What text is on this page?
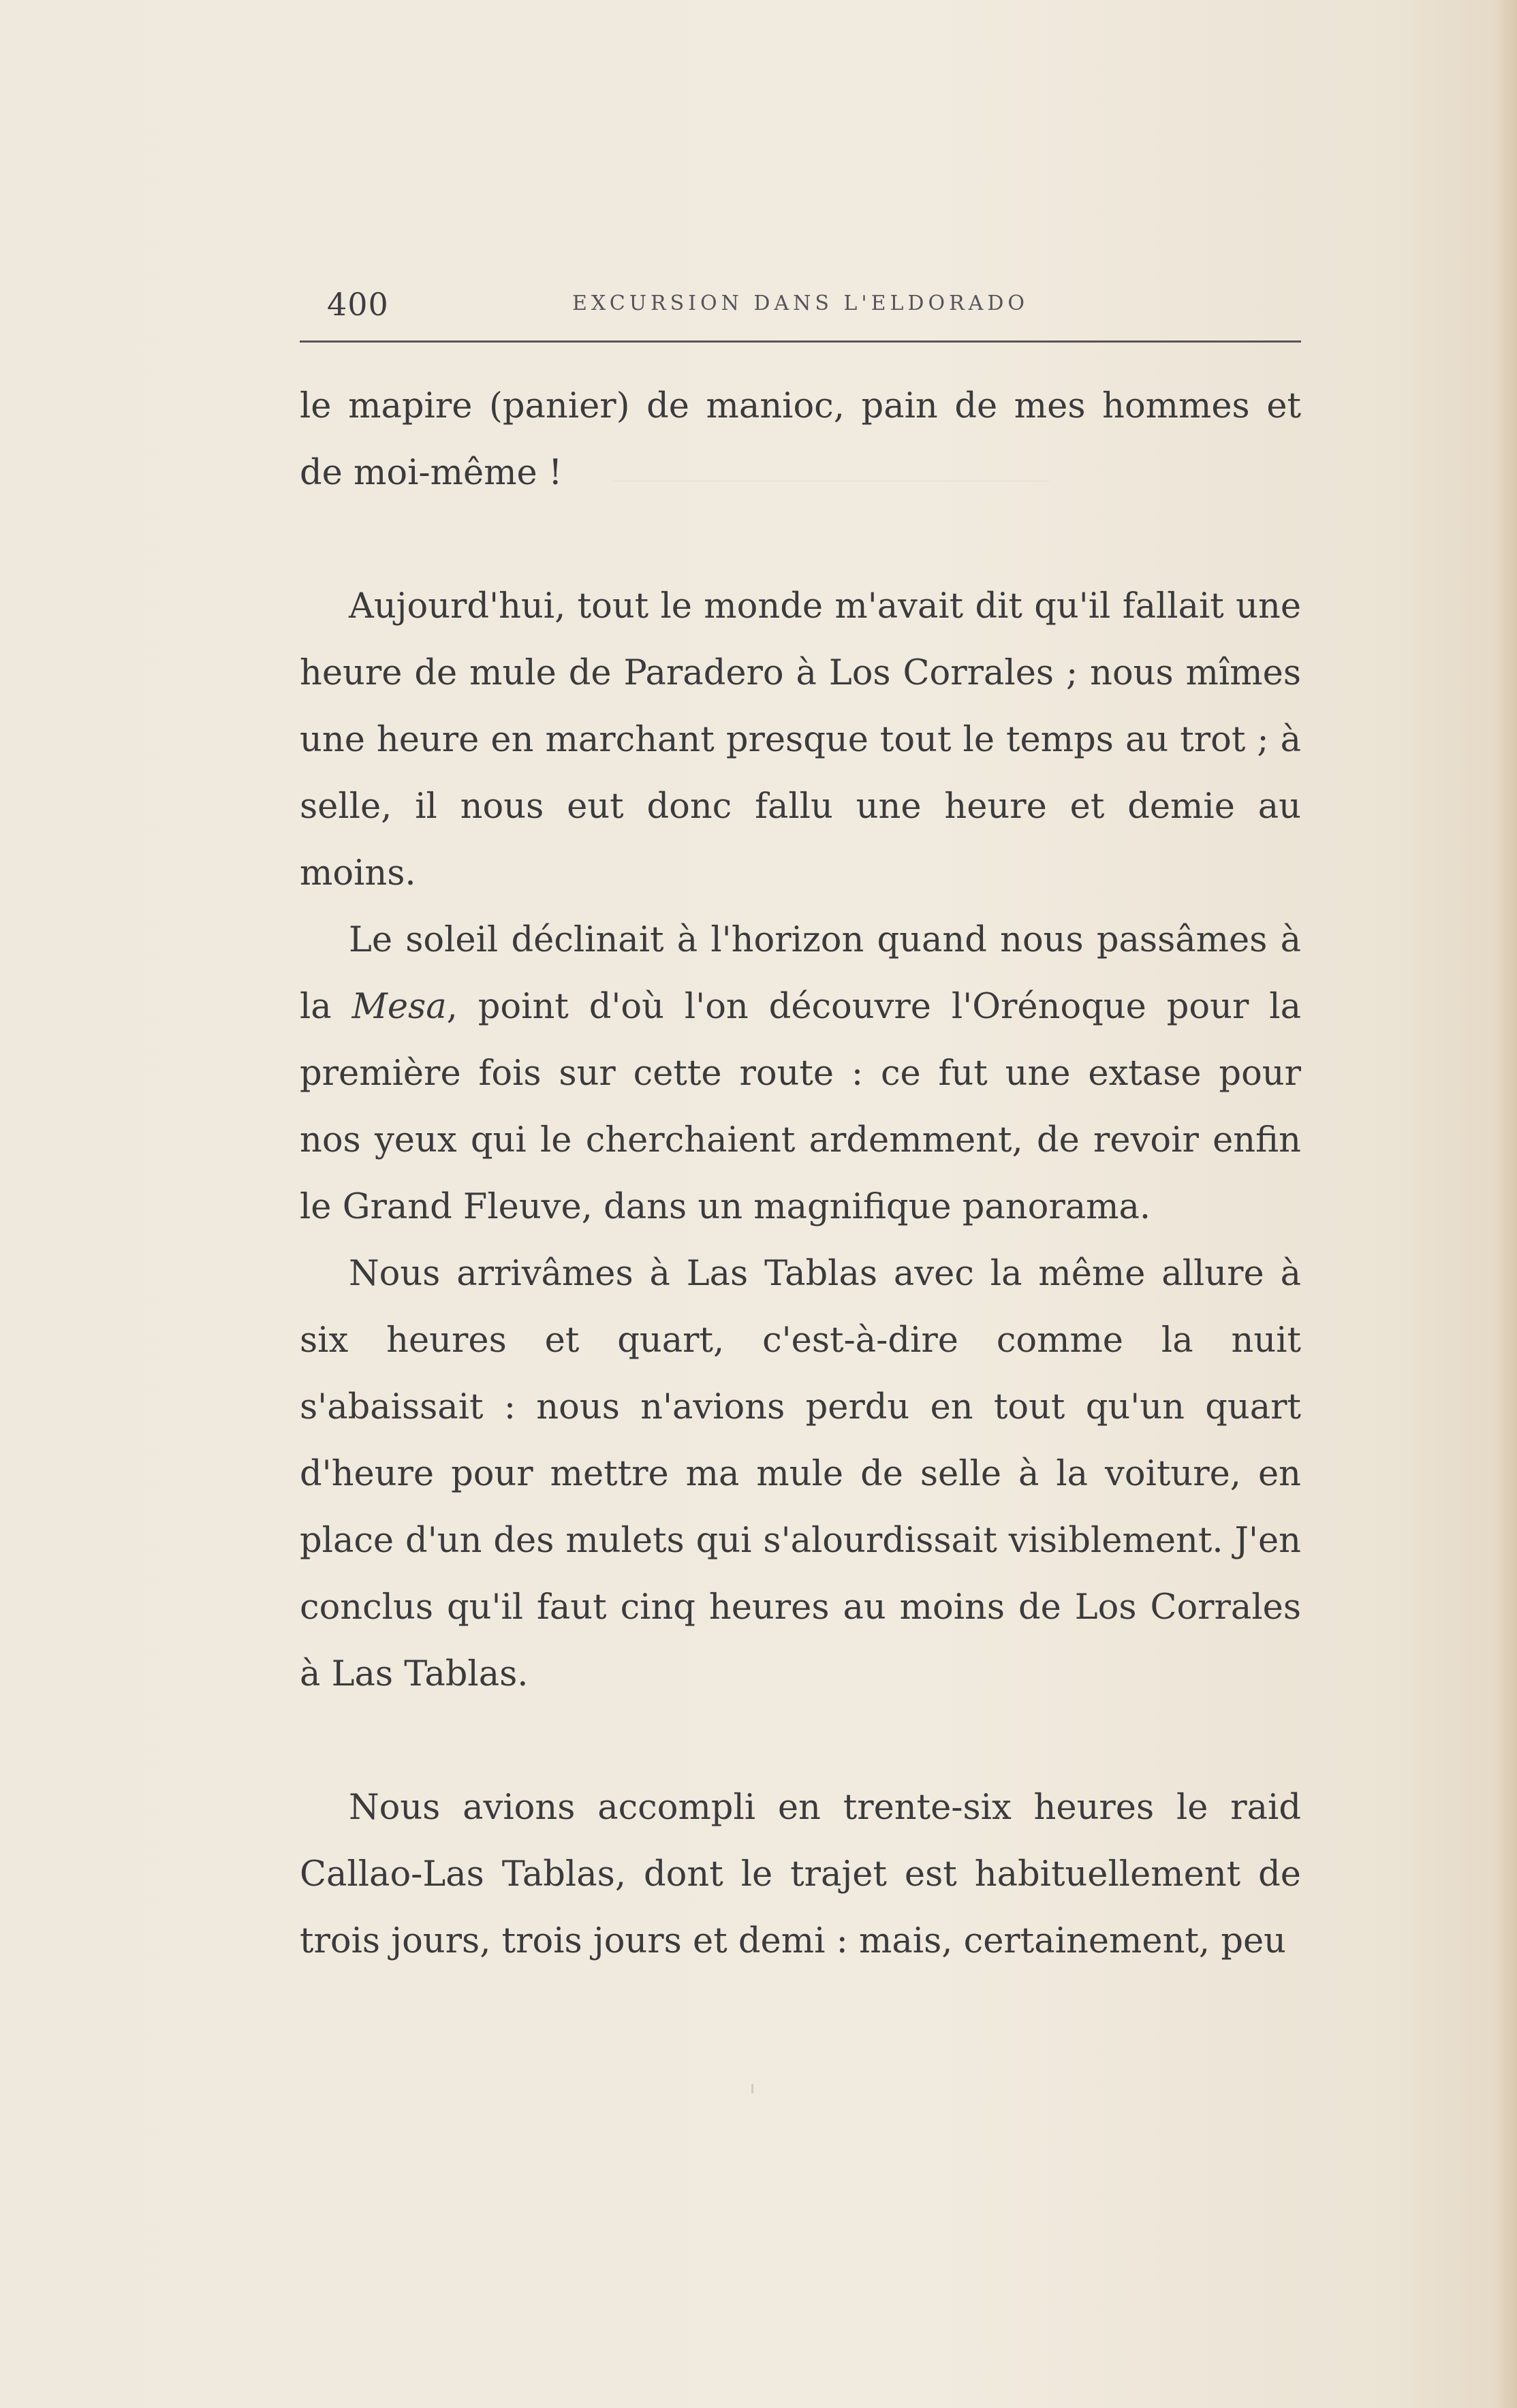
400	EXCURSION DANS L'ELDORADO

le mapire (panier) de manioc, pain de mes hommes et de moi-même !

Aujourd'hui, tout le monde m'avait dit qu'il fallait une heure de mule de Paradero à Los Corrales ; nous mîmes une heure en marchant presque tout le temps au trot ; à selle, il nous eut donc fallu une heure et demie au moins.

Le soleil déclinait à l'horizon quand nous passâmes à la Mesa, point d'où l'on découvre l'Orénoque pour la première fois sur cette route : ce fut une extase pour nos yeux qui le cherchaient ardemment, de revoir enfin le Grand Fleuve, dans un magnifique panorama.

Nous arrivâmes à Las Tablas avec la même allure à six heures et quart, c'est-à-dire comme la nuit s'abaissait : nous n'avions perdu en tout qu'un quart d'heure pour mettre ma mule de selle à la voiture, en place d'un des mulets qui s'alourdissait visiblement. J'en conclus qu'il faut cinq heures au moins de Los Corrales à Las Tablas.

Nous avions accompli en trente-six heures le raid Callao-Las Tablas, dont le trajet est habituellement de trois jours, trois jours et demi : mais, certainement, peu
